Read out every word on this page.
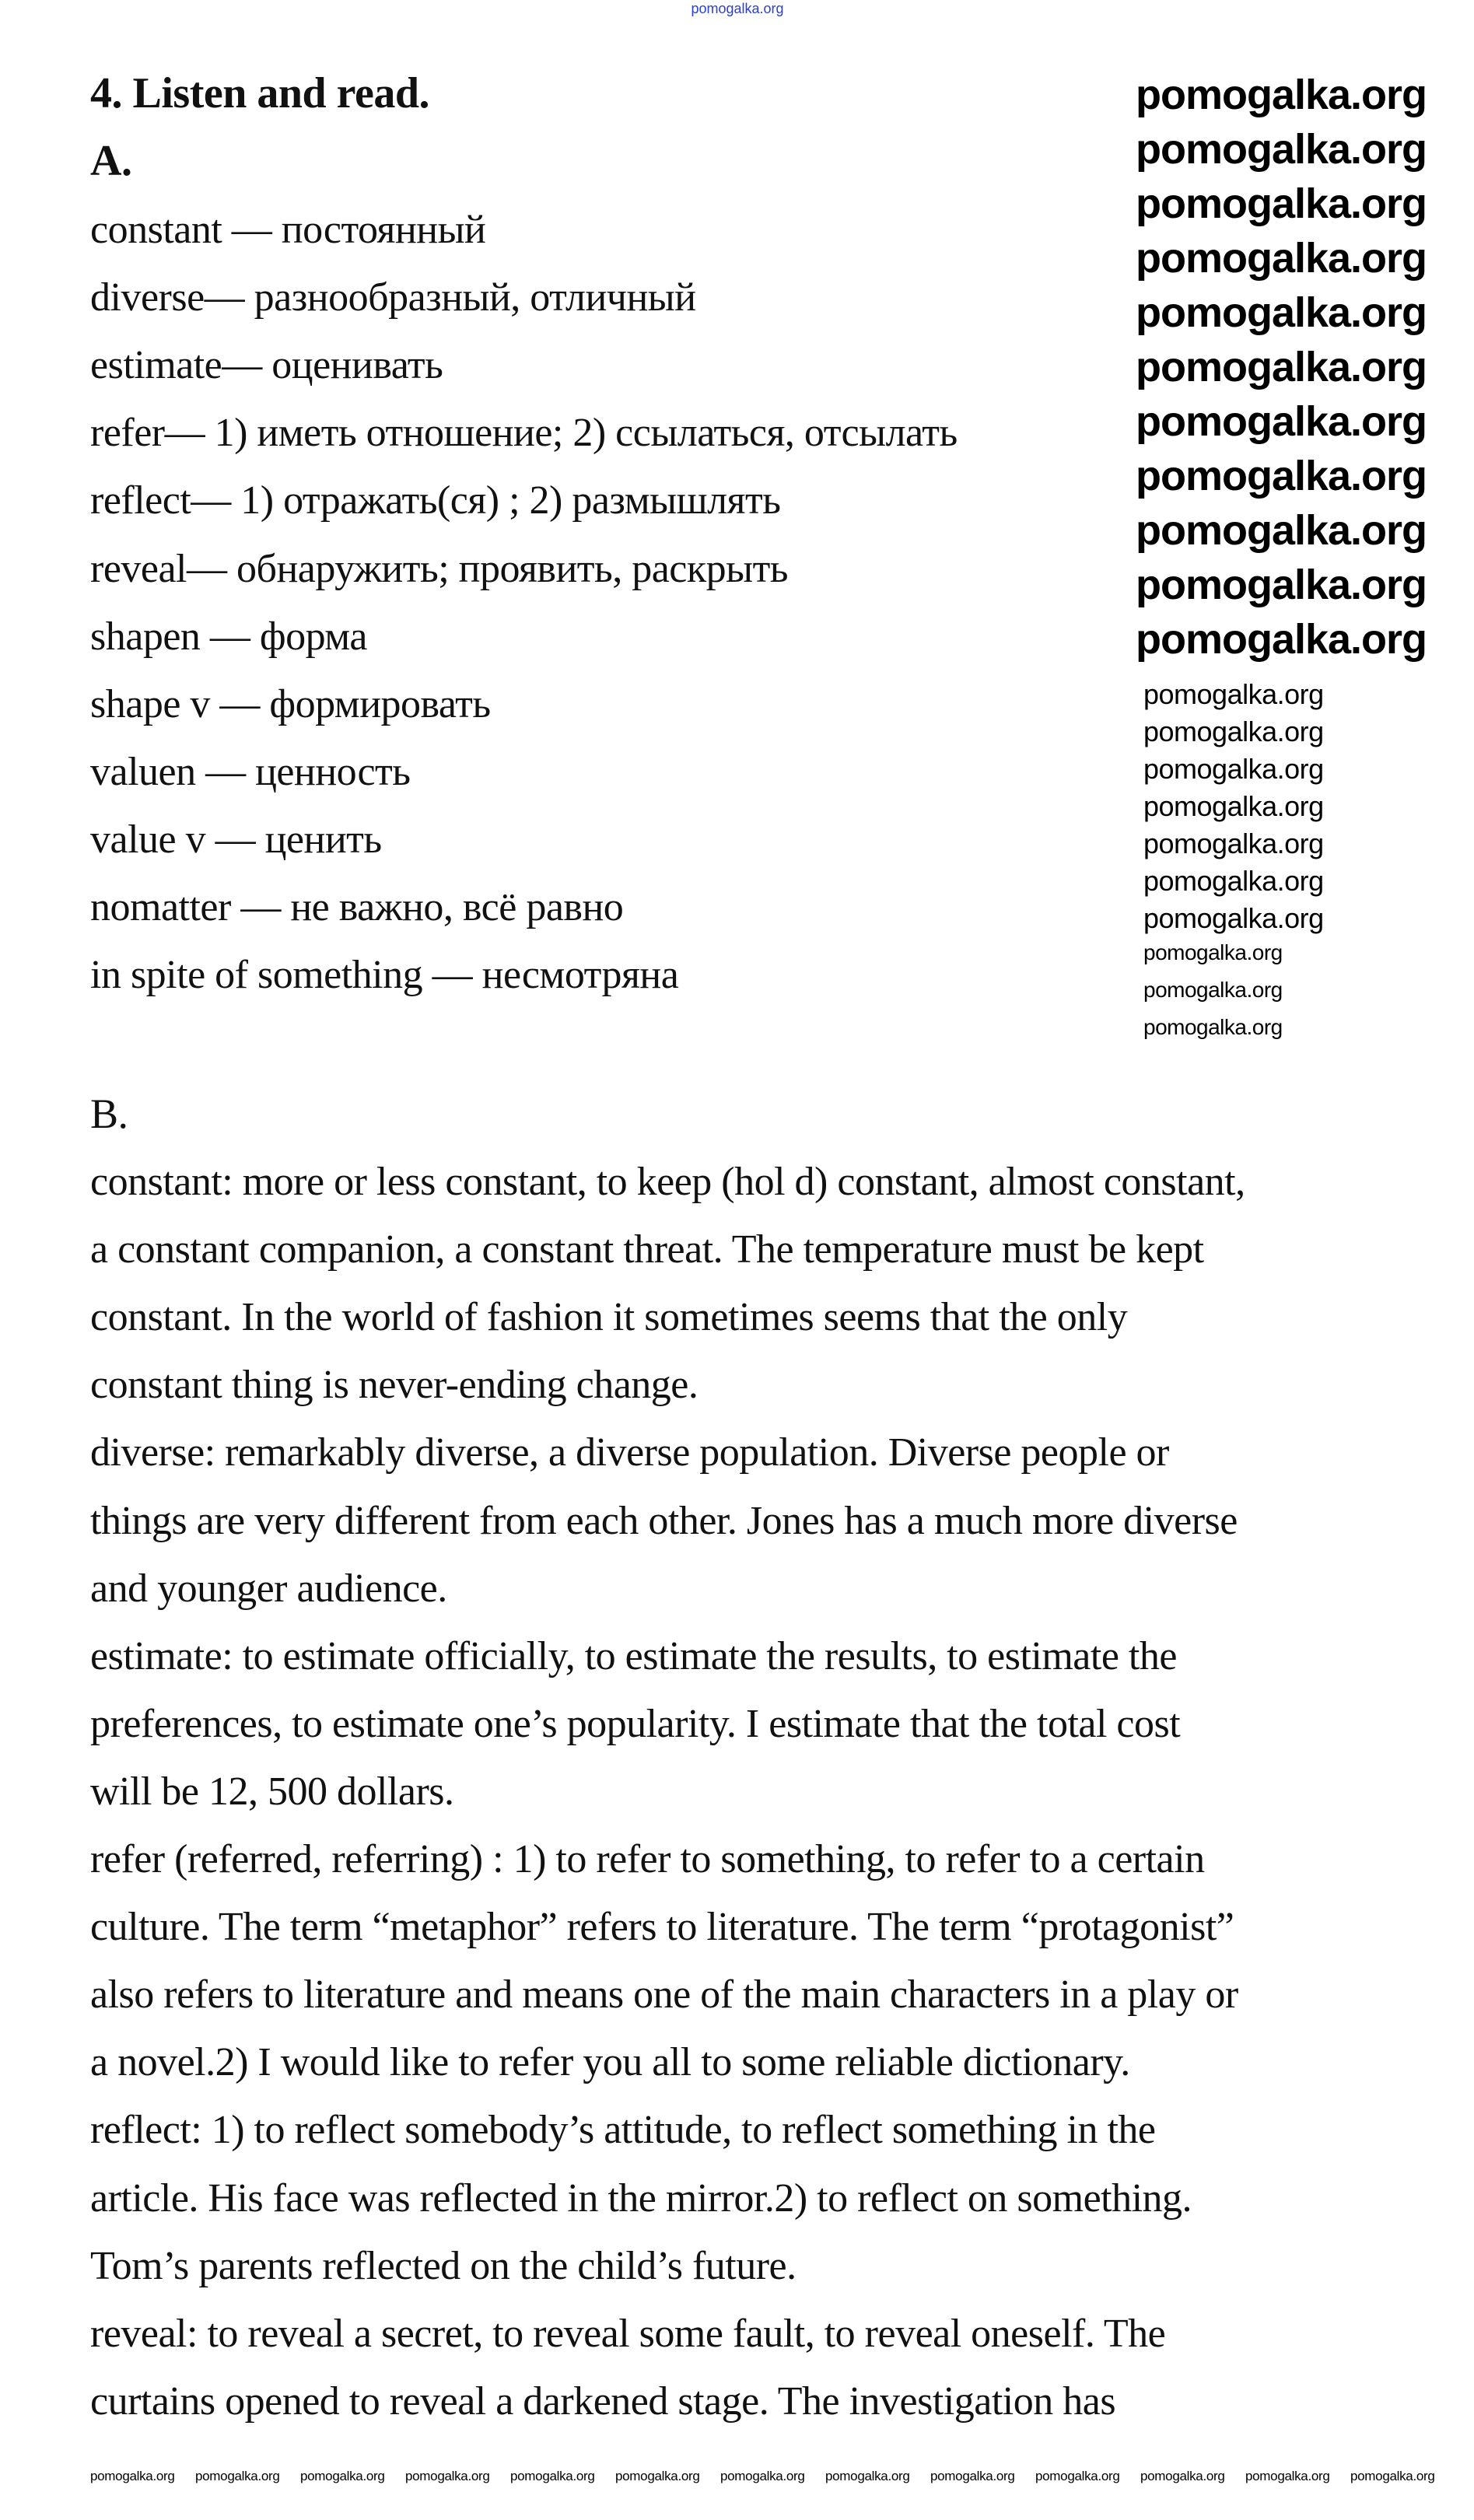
pomogalka.org
4. Listen and read.
A.
constant — постоянный
diverse— разнообразный, отличный
estimate— оценивать
refer— 1) иметь отношение; 2) ссылаться, отсылать
reflect— 1) отражать(ся) ; 2) размышлять
reveal— обнаружить; проявить, раскрыть
shapen — форма
shape v — формировать
valuen — ценность
value v — ценить
nomatter — не важно, всё равно
in spite of something — несмотряна
B.
constant: more or less constant, to keep (hol d) constant, almost constant,
a constant companion, a constant threat. The temperature must be kept
constant. In the world of fashion it sometimes seems that the only
constant thing is never-ending change.
diverse: remarkably diverse, a diverse population. Diverse people or
things are very different from each other. Jones has a much more diverse
and younger audience.
estimate: to estimate officially, to estimate the results, to estimate the
preferences, to estimate one’s popularity. I estimate that the total cost
will be 12, 500 dollars.
refer (referred, referring) : 1) to refer to something, to refer to a certain
culture. The term “metaphor” refers to literature. The term “protagonist”
also refers to literature and means one of the main characters in a play or
a novel.2) I would like to refer you all to some reliable dictionary.
reflect: 1) to reflect somebody’s attitude, to reflect something in the
article. His face was reflected in the mirror.2) to reflect on something.
Tom’s parents reflected on the child’s future.
reveal: to reveal a secret, to reveal some fault, to reveal oneself. The
curtains opened to reveal a darkened stage. The investigation has
pomogalka.org
pomogalka.org
pomogalka.org
pomogalka.org
pomogalka.org
pomogalka.org
pomogalka.org
pomogalka.org
pomogalka.org
pomogalka.org
pomogalka.org
pomogalka.org
pomogalka.org
pomogalka.org
pomogalka.org
pomogalka.org
pomogalka.org
pomogalka.org
pomogalka.org
pomogalka.org
pomogalka.org
pomogalka.org pomogalka.org pomogalka.org pomogalka.org pomogalka.org pomogalka.org pomogalka.org pomogalka.org pomogalka.org pomogalka.org pomogalka.org pomogalka.org pomogalka.org
